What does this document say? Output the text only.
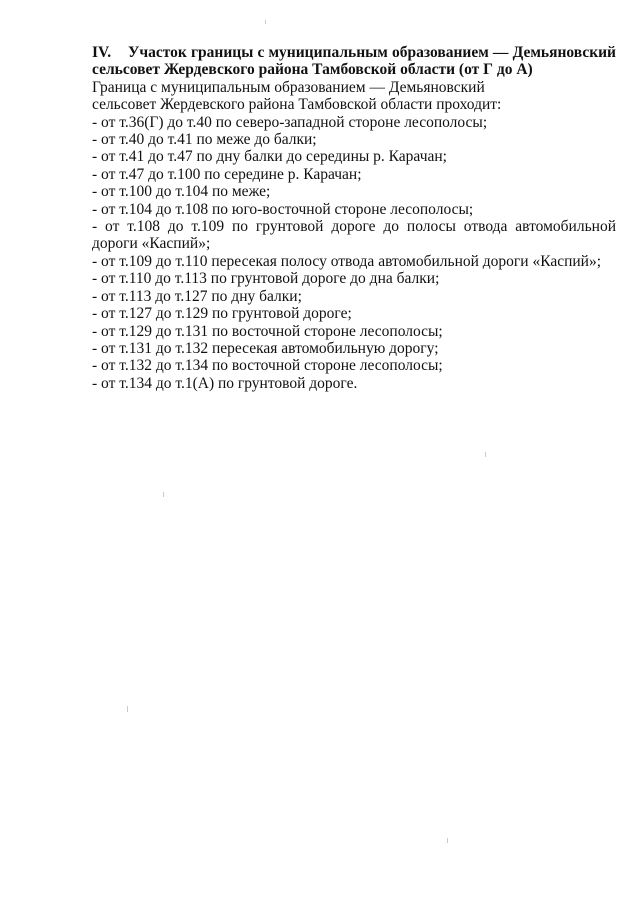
IV. Участок границы с муниципальным образованием — Демьяновский сельсовет Жердевского района Тамбовской области (от Г до А)

Граница с муниципальным образованием — Демьяновский сельсовет Жердевского района Тамбовской области проходит:

- от т.36(Г) до т.40 по северо-западной стороне лесополосы;
- от т.40 до т.41 по меже до балки;
- от т.41 до т.47 по дну балки до середины р. Карачан;
- от т.47 до т.100 по середине р. Карачан;
- от т.100 до т.104 по меже;
- от т.104 до т.108 по юго-восточной стороне лесополосы;
- от т.108 до т.109 по грунтовой дороге до полосы отвода автомобильной дороги «Каспий»;
- от т.109 до т.110 пересекая полосу отвода автомобильной дороги «Каспий»;
- от т.110 до т.113 по грунтовой дороге до дна балки;
- от т.113 до т.127 по дну балки;
- от т.127 до т.129 по грунтовой дороге;
- от т.129 до т.131 по восточной стороне лесополосы;
- от т.131 до т.132 пересекая автомобильную дорогу;
- от т.132 до т.134 по восточной стороне лесополосы;
- от т.134 до т.1(А) по грунтовой дороге.
